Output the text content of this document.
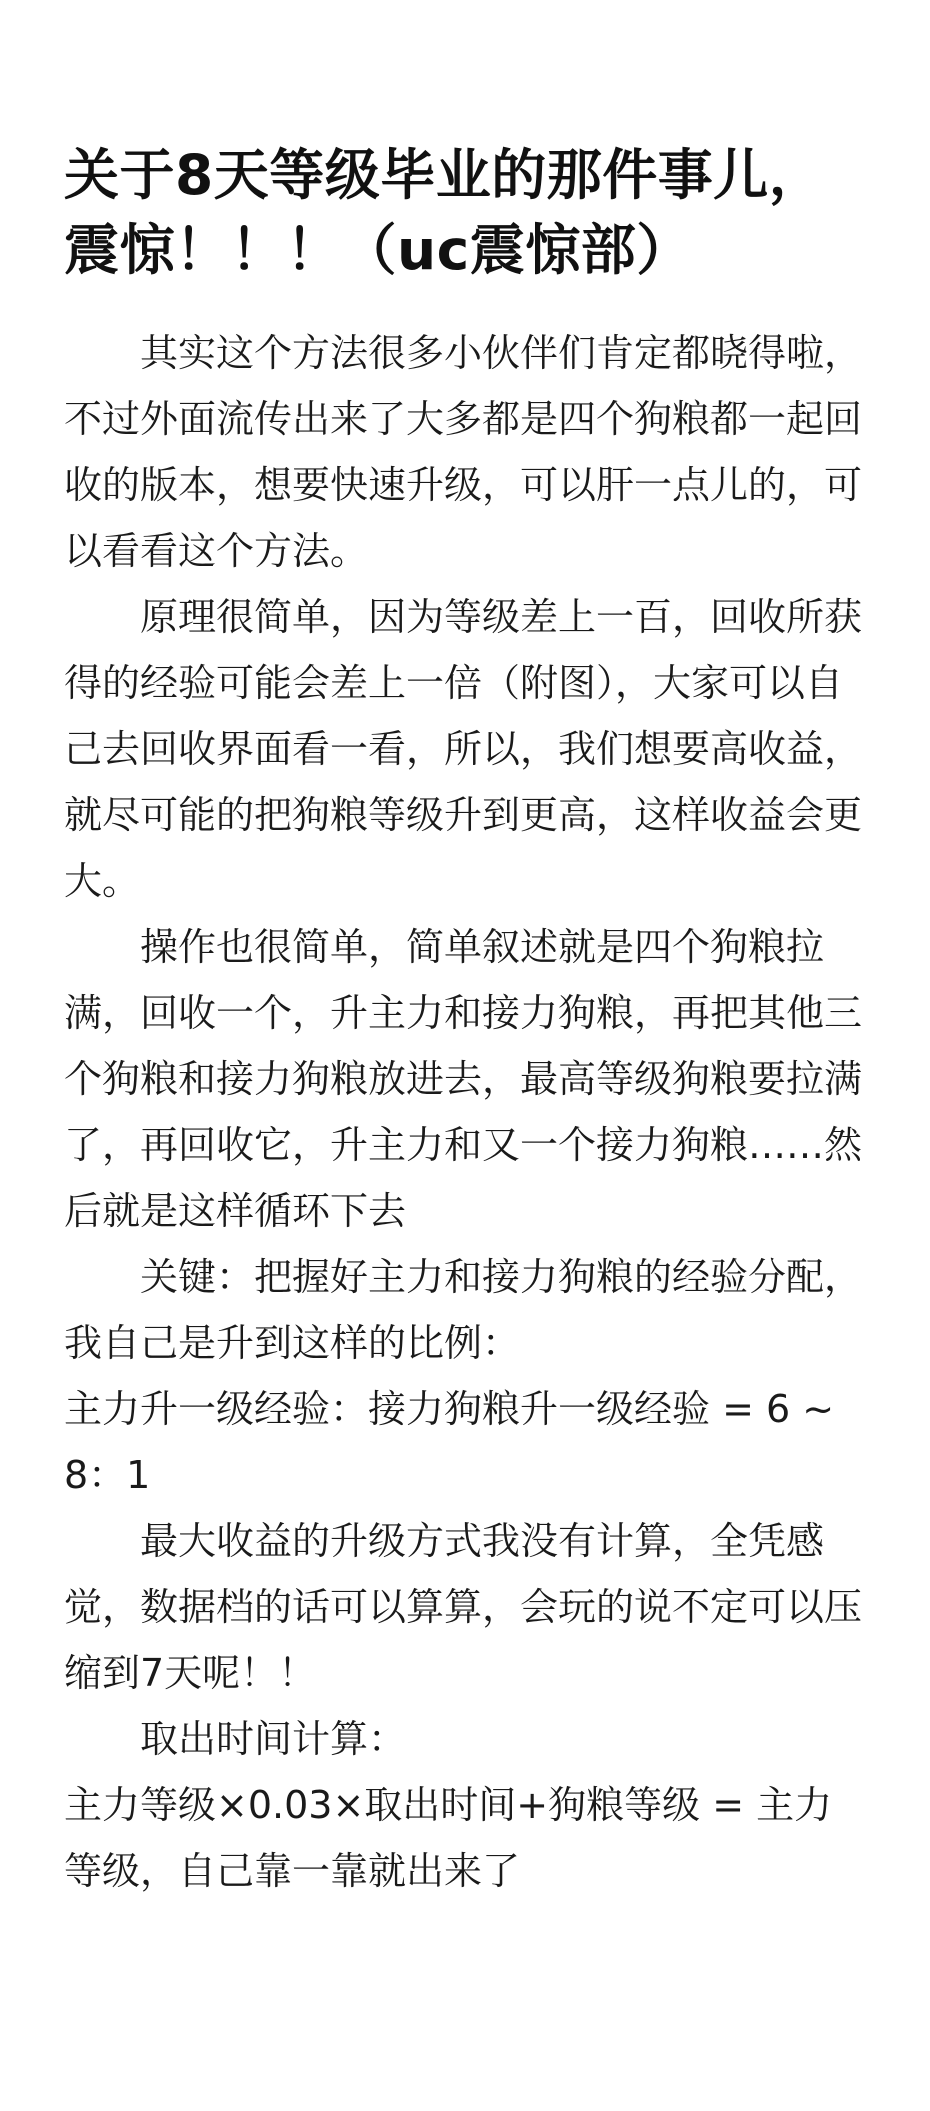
关于8天等级毕业的那件事儿，震惊！！！（uc震惊部）

其实这个方法很多小伙伴们肯定都晓得啦，不过外面流传出来了大多都是四个狗粮都一起回收的版本，想要快速升级，可以肝一点儿的，可以看看这个方法。

原理很简单，因为等级差上一百，回收所获得的经验可能会差上一倍（附图），大家可以自己去回收界面看一看，所以，我们想要高收益，就尽可能的把狗粮等级升到更高，这样收益会更大。

操作也很简单，简单叙述就是四个狗粮拉满，回收一个，升主力和接力狗粮，再把其他三个狗粮和接力狗粮放进去，最高等级狗粮要拉满了，再回收它，升主力和又一个接力狗粮……然后就是这样循环下去

关键：把握好主力和接力狗粮的经验分配，我自己是升到这样的比例：

主力升一级经验：接力狗粮升一级经验 = 6 ~ 8：1

最大收益的升级方式我没有计算，全凭感觉，数据档的话可以算算，会玩的说不定可以压缩到7天呢！！

取出时间计算：

主力等级×0.03×取出时间+狗粮等级 = 主力等级，自己靠一靠就出来了
